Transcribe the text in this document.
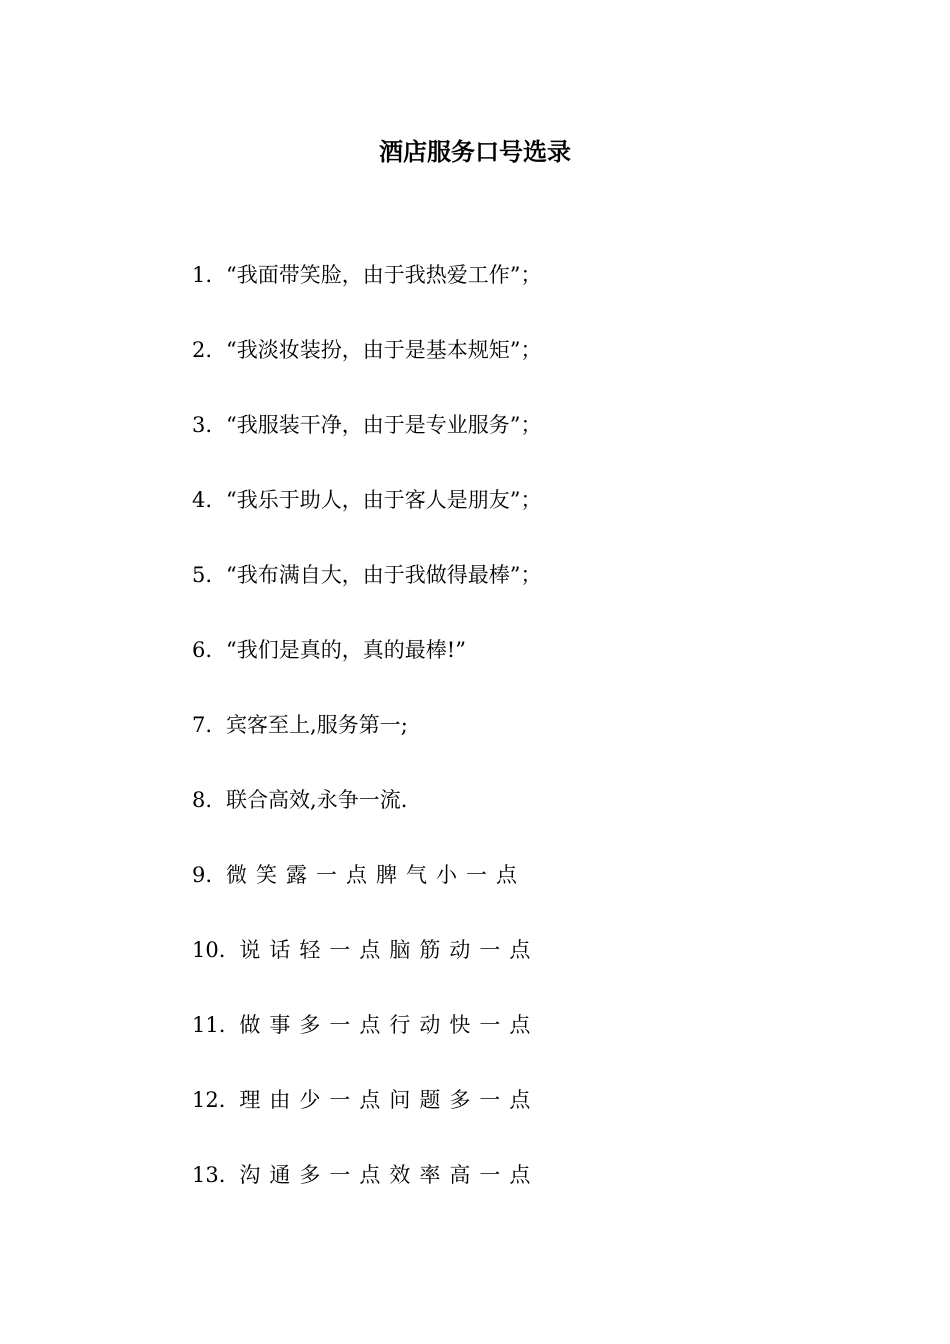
酒店服务口号选录
1. “我面带笑脸，由于我热爱工作”；
2. “我淡妆装扮，由于是基本规矩”；
3. “我服装干净，由于是专业服务”；
4. “我乐于助人，由于客人是朋友”；
5. “我布满自大，由于我做得最棒”；
6. “我们是真的，真的最棒!”
7. 宾客至上,服务第一;
8. 联合高效,永争一流.
9. 微笑露一点脾气小一点
10. 说话轻一点脑筋动一点
11. 做事多一点行动快一点
12. 理由少一点问题多一点
13. 沟通多一点效率高一点
